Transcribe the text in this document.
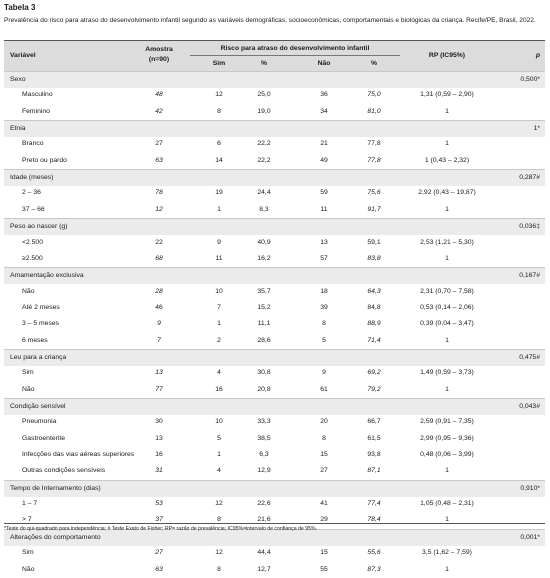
Tabela 3
Prevalência do risco para atraso do desenvolvimento infantil segundo as variáveis demográficas, socioeconômicas, comportamentais e biológicas da criança. Recife/PE, Brasil, 2022.
Variável
Amostra
(n=90)
Risco para atraso do desenvolvimento infantil
Sim	%	Não	%
RP (IC95%)	p
Sexo	0,500*
Masculino	48	12	25,0	36	75,0	1,31 (0,59 – 2,90)
Feminino	42	8	19,0	34	81,0	1
Etnia	1*
Branco	27	6	22,2	21	77,8	1
Preto ou pardo	63	14	22,2	49	77,8	1 (0,43 – 2,32)
Idade (meses)	0,287#
2 – 36	78	19	24,4	59	75,6	2,92 (0,43 – 19,87)
37 – 66	12	1	8,3	11	91,7	1
Peso ao nascer (g)	0,036‡
<2.500	22	9	40,9	13	59,1	2,53 (1,21 – 5,30)
≥2.500	68	11	16,2	57	83,8	1
Amamentação exclusiva	0,167#
Não	28	10	35,7	18	64,3	2,31 (0,70 – 7,58)
Até 2 meses	46	7	15,2	39	84,8	0,53 (0,14 – 2,06)
3 – 5 meses	9	1	11,1	8	88,9	0,39 (0,04 – 3,47)
6 meses	7	2	28,6	5	71,4	1
Leu para a criança	0,475#
Sim	13	4	30,8	9	69,2	1,49 (0,59 – 3,73)
Não	77	16	20,8	61	79,2	1
Condição sensível	0,043#
Pneumonia	30	10	33,3	20	66,7	2,59 (0,91 – 7,35)
Gastroenterite	13	5	38,5	8	61,5	2,99 (0,95 – 9,36)
Infecções das vias aéreas superiores	16	1	6,3	15	93,8	0,48 (0,06 – 3,99)
Outras condições sensíveis	31	4	12,9	27	87,1	1
Tempo de Internamento (dias)	0,910*
1 – 7	53	12	22,6	41	77,4	1,05 (0,48 – 2,31)
> 7	37	8	21,6	29	78,4	1
Alterações do comportamento	0,001*
Sim	27	12	44,4	15	55,6	3,5 (1,62 – 7,59)
Não	63	8	12,7	55	87,3	1
*Teste do qui-quadrado para independência; # Teste Exato de Fisher; RP= razão de prevalência; IC95%=intervalo de confiança de 95%.
